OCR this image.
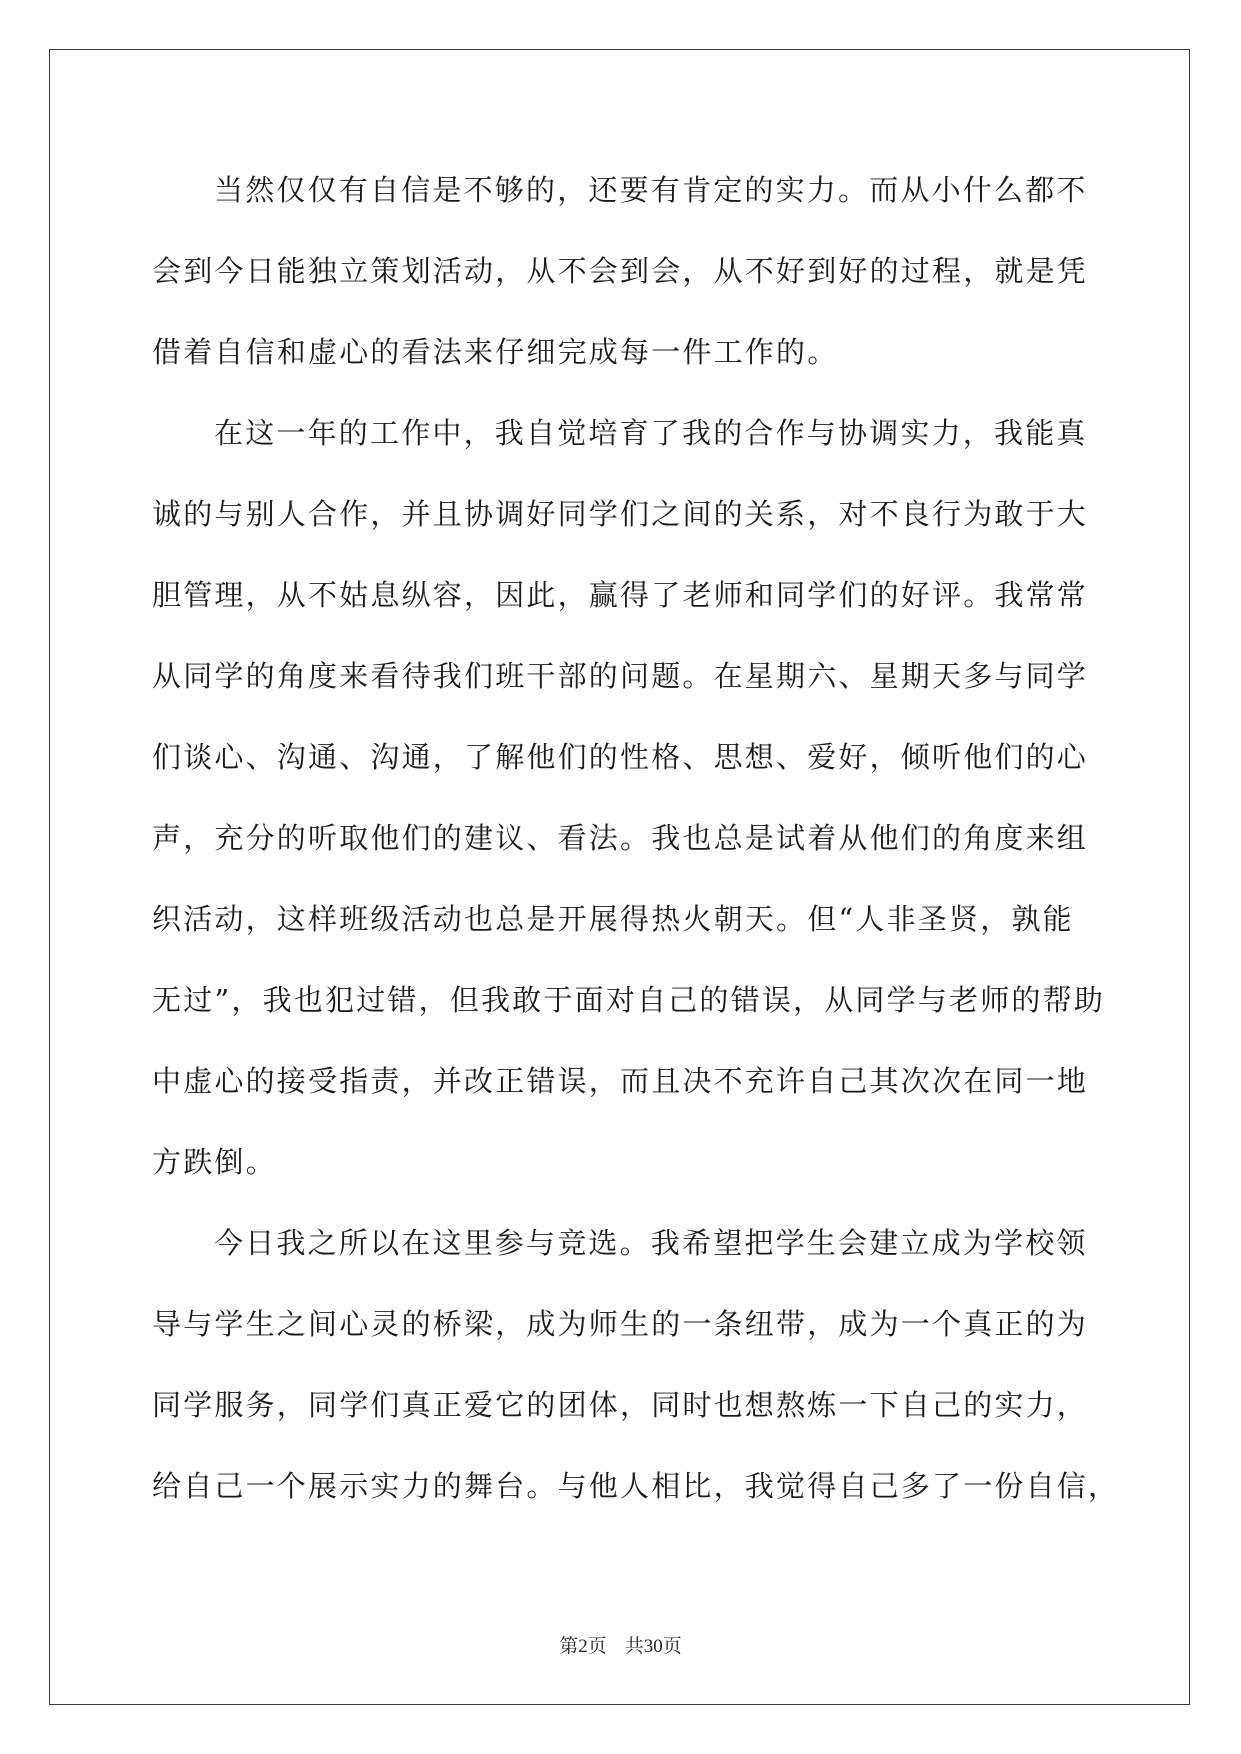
当然仅仅有自信是不够的，还要有肯定的实力。而从小什么都不
会到今日能独立策划活动，从不会到会，从不好到好的过程，就是凭
借着自信和虚心的看法来仔细完成每一件工作的。
在这一年的工作中，我自觉培育了我的合作与协调实力，我能真
诚的与别人合作，并且协调好同学们之间的关系，对不良行为敢于大
胆管理，从不姑息纵容，因此，赢得了老师和同学们的好评。我常常
从同学的角度来看待我们班干部的问题。在星期六、星期天多与同学
们谈心、沟通、沟通，了解他们的性格、思想、爱好，倾听他们的心
声，充分的听取他们的建议、看法。我也总是试着从他们的角度来组
织活动，这样班级活动也总是开展得热火朝天。但“人非圣贤，孰能
无过”，我也犯过错，但我敢于面对自己的错误，从同学与老师的帮助
中虚心的接受指责，并改正错误，而且决不充许自己其次次在同一地
方跌倒。
今日我之所以在这里参与竞选。我希望把学生会建立成为学校领
导与学生之间心灵的桥梁，成为师生的一条纽带，成为一个真正的为
同学服务，同学们真正爱它的团体，同时也想熬炼一下自己的实力，
给自己一个展示实力的舞台。与他人相比，我觉得自己多了一份自信，
第2页 共30页
